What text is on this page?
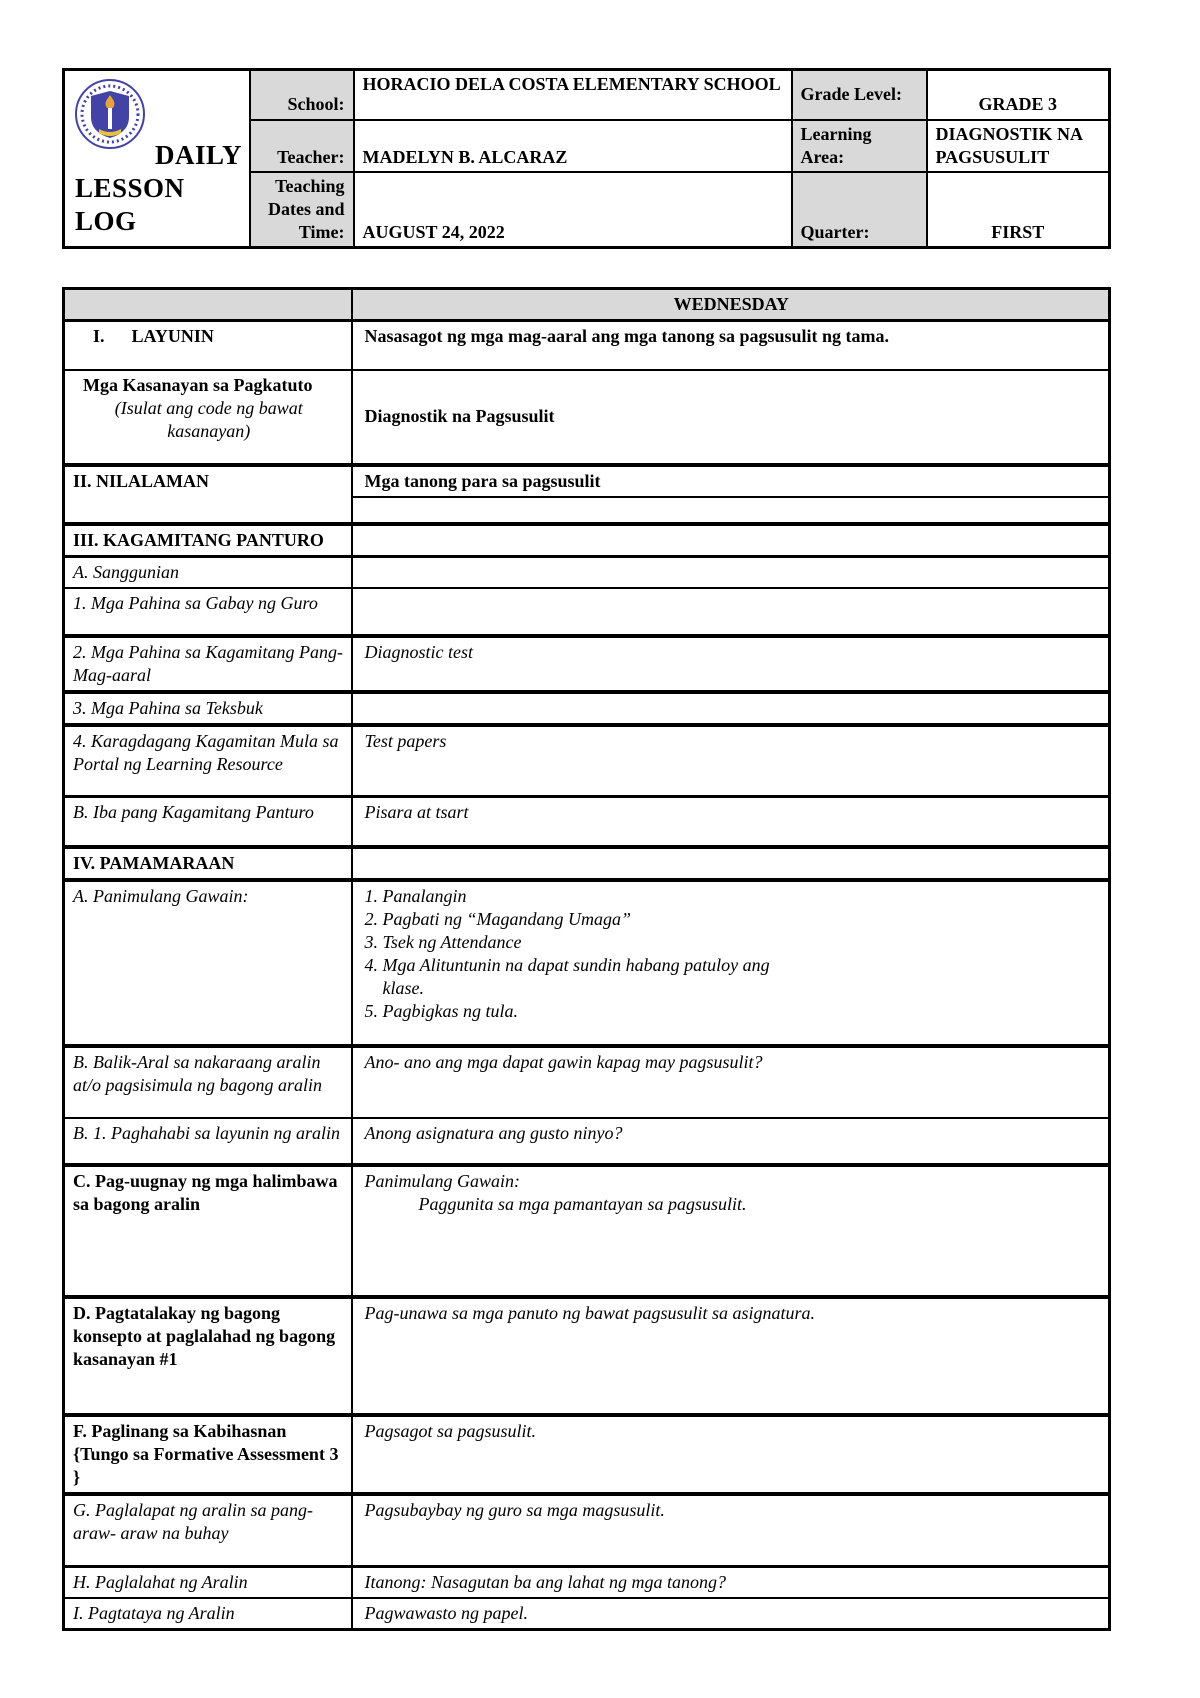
DAILY
LESSON LOG	School:	HORACIO DELA COSTA ELEMENTARY SCHOOL	Grade Level:	GRADE 3
	Teacher:	MADELYN B. ALCARAZ	Learning Area:	DIAGNOSTIK NA PAGSUSULIT
	Teaching Dates and Time:	AUGUST 24, 2022	Quarter:	FIRST
	WEDNESDAY
I.  LAYUNIN	Nasasagot ng mga mag-aaral ang mga tanong sa pagsusulit ng tama.

Mga Kasanayan sa Pagkatuto
(Isulat ang code ng bawat kasanayan)	Diagnostik na Pagsusulit
II. NILALAMAN	Mga tanong para sa pagsusulit

III. KAGAMITANG PANTURO	
A. Sanggunian	
1. Mga Pahina sa Gabay ng Guro	
2. Mga Pahina sa Kagamitang Pang- Mag-aaral	Diagnostic test
3. Mga Pahina sa Teksbuk	
4. Karagdagang Kagamitan Mula sa Portal ng Learning Resource	Test papers
B. Iba pang Kagamitang Panturo	Pisara at tsart
IV. PAMAMARAAN	
A. Panimulang Gawain:	1. Panalangin
2. Pagbati ng “Magandang Umaga”
3. Tsek ng Attendance
4. Mga Alituntunin na dapat sundin habang patuloy ang
 klase.
5. Pagbigkas ng tula.

B. Balik-Aral sa nakaraang aralin at/o pagsisimula ng bagong aralin	Ano- ano ang mga dapat gawin kapag may pagsusulit?
B. 1. Paghahabi sa layunin ng aralin	Anong asignatura ang gusto ninyo?
C. Pag-uugnay ng mga halimbawa sa bagong aralin	Panimulang Gawain:
   Paggunita sa mga pamantayan sa pagsusulit.

D. Pagtatalakay ng bagong konsepto at paglalahad ng bagong kasanayan #1	Pag-unawa sa mga panuto ng bawat pagsusulit sa asignatura.
F. Paglinang sa Kabihasnan {Tungo sa Formative Assessment 3 }	Pagsagot sa pagsusulit.
G. Paglalapat ng aralin sa pang-araw- araw na buhay	Pagsubaybay ng guro sa mga magsusulit.
H. Paglalahat ng Aralin	Itanong: Nasagutan ba ang lahat ng mga tanong?
I. Pagtataya ng Aralin	Pagwawasto ng papel.
